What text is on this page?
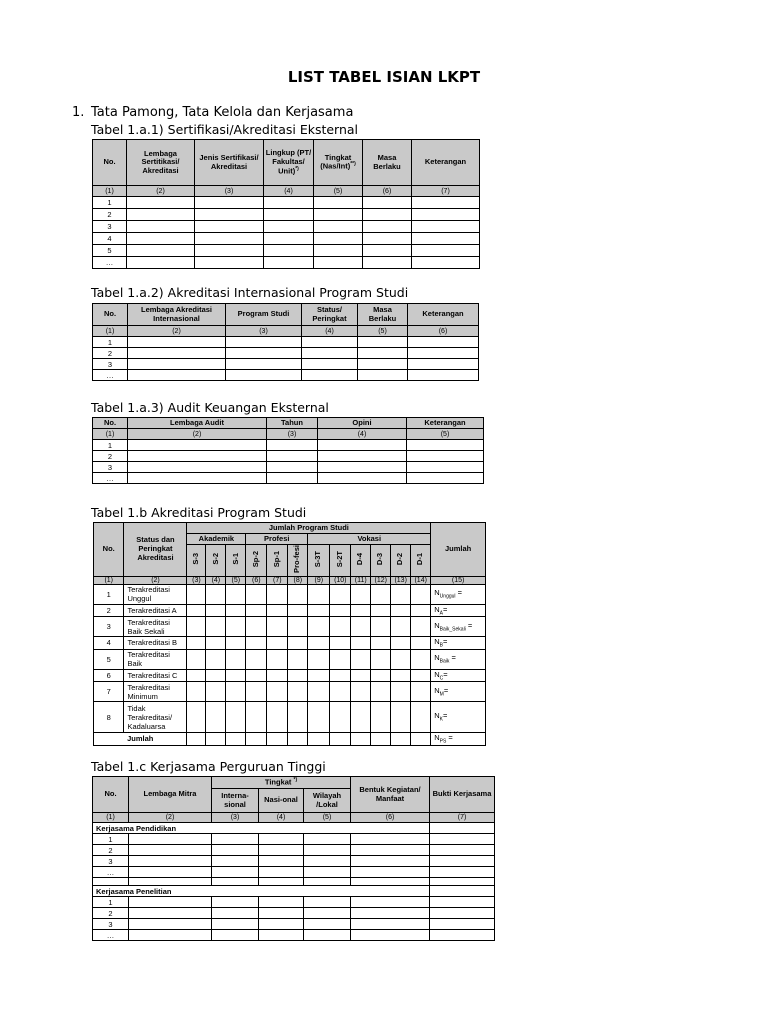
LIST TABEL ISIAN LKPT
1. Tata Pamong, Tata Kelola dan Kerjasama
Tabel 1.a.1) Sertifikasi/Akreditasi Eksternal
No.	Lembaga Sertitikasi/ Akreditasi	Jenis Sertifikasi/ Akreditasi	Lingkup (PT/ Fakultas/ Unit)*)	Tingkat (Nas/Int)**)	Masa Berlaku	Keterangan
(1)	(2)	(3)	(4)	(5)	(6)	(7)
1						
2						
3						
4						
5						
…						
Tabel 1.a.2) Akreditasi Internasional Program Studi
No.	Lembaga Akreditasi Internasional	Program Studi	Status/ Peringkat	Masa Berlaku	Keterangan
(1)	(2)	(3)	(4)	(5)	(6)
1					
2					
3					
…					
Tabel 1.a.3) Audit Keuangan Eksternal
No.	Lembaga Audit	Tahun	Opini	Keterangan
(1)	(2)	(3)	(4)	(5)
1				
2				
3				
…				
Tabel 1.b Akreditasi Program Studi
No.	Status dan Peringkat Akreditasi	Jumlah Program Studi												Jumlah
		Akademik			Profesi			Vokasi						
		S-3	S-2	S-1	Sp-2	Sp-1	Pro-fesi	S-3T	S-2T	D-4	D-3	D-2	D-1	
(1)	(2)	(3)	(4)	(5)	(6)	(7)	(8)	(9)	(10)	(11)	(12)	(13)	(14)	(15)
1	Terakreditasi Unggul													$N_{Unggul}$ =
2	Terakreditasi A													$N_A=$
3	Terakreditasi Baik Sekali													$N_{Baik\_Sekali}$ =
4	Terakreditasi B													$N_B=$
5	Terakreditasi Baik													$N_{Baik}$ =
6	Terakreditasi C													$N_C=$
7	Terakreditasi Minimum													$N_M=$
8	Tidak Terakreditasi/ Kadaluarsa													$N_K=$
Jumlah														$N_{PS}$ =
Tabel 1.c Kerjasama Perguruan Tinggi
No.	Lembaga Mitra	Tingkat *)			Bentuk Kegiatan/ Manfaat	Bukti Kerjasama
		Interna-sional	Nasi-onal	Wilayah /Lokal		
(1)	(2)	(3)	(4)	(5)	(6)	(7)
Kerjasama Pendidikan						
1						
2						
3						
…						

Kerjasama Penelitian						
1						
2						
3						
…						
